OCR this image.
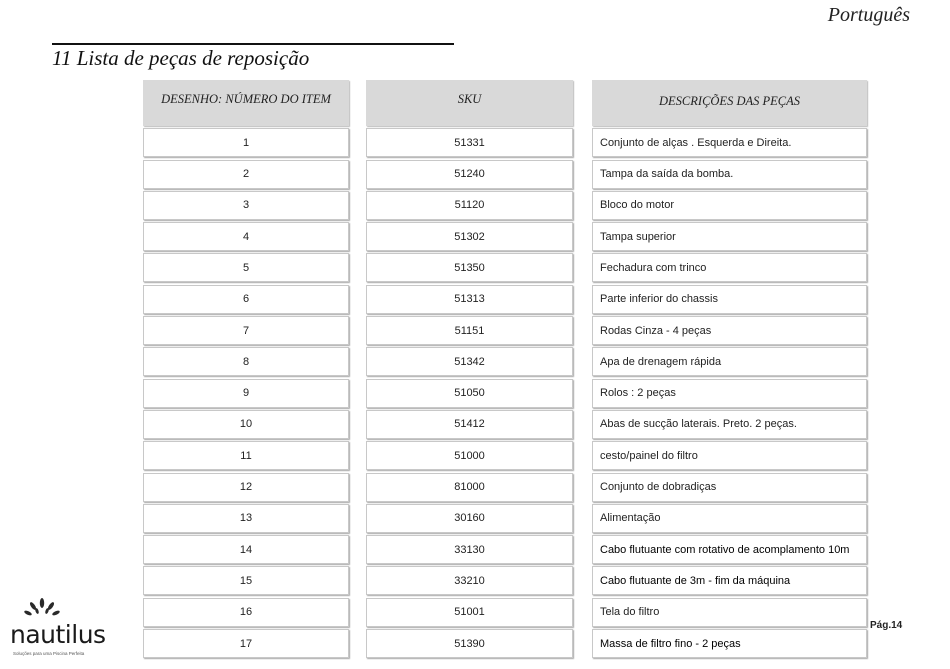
Português
11 Lista de peças de reposição
DESENHO: NÚMERO DO ITEM
1
2
3
4
5
6
7
8
9
10
11
12
13
14
15
16
17
SKU
51331
51240
51120
51302
51350
51313
51151
51342
51050
51412
51000
81000
30160
33130
33210
51001
51390
DESCRIÇÕES DAS PEÇAS
Conjunto de alças . Esquerda e Direita.
Tampa da saída da bomba.
Bloco do motor
Tampa superior
Fechadura com trinco
Parte inferior do chassis
Rodas Cinza - 4 peças
Apa de drenagem rápida
Rolos : 2 peças
Abas de sucção laterais. Preto. 2 peças.
cesto/painel do filtro
Conjunto de dobradiças
Alimentação
Cabo flutuante com rotativo de acomplamento 10m
Cabo flutuante de 3m - fim da máquina
Tela do filtro
Massa de filtro fino - 2 peças
nautilus
Soluções para uma Piscina Perfeita
Pág.14
